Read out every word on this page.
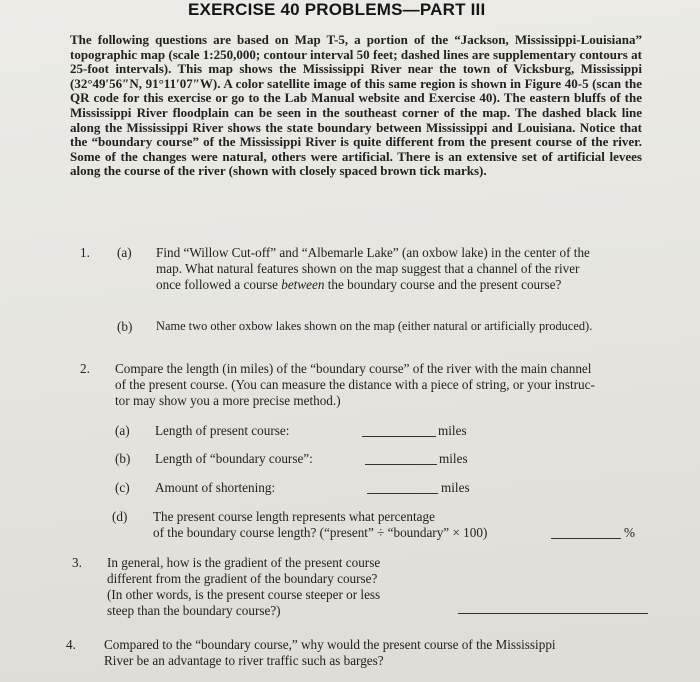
EXERCISE 40 PROBLEMS—PART III

The following questions are based on Map T-5, a portion of the “Jackson, Mississippi-Louisiana” topographic map (scale 1:250,000; contour interval 50 feet; dashed lines are supplementary contours at 25-foot intervals). This map shows the Mississippi River near the town of Vicksburg, Mississippi (32°49′56″N, 91°11′07″W). A color satellite image of this same region is shown in Figure 40-5 (scan the QR code for this exercise or go to the Lab Manual website and Exercise 40). The eastern bluffs of the Mississippi River floodplain can be seen in the southeast corner of the map. The dashed black line along the Mississippi River shows the state boundary between Mississippi and Louisiana. Notice that the “boundary course” of the Mississippi River is quite different from the present course of the river. Some of the changes were natural, others were artificial. There is an extensive set of artificial levees along the course of the river (shown with closely spaced brown tick marks).

1. (a) Find “Willow Cut-off” and “Albemarle Lake” (an oxbow lake) in the center of the
map. What natural features shown on the map suggest that a channel of the river
once followed a course between the boundary course and the present course?
(b) Name two other oxbow lakes shown on the map (either natural or artificially produced).
2. Compare the length (in miles) of the “boundary course” of the river with the main channel
of the present course. (You can measure the distance with a piece of string, or your instruc-
tor may show you a more precise method.)
(a) Length of present course:	miles
(b) Length of “boundary course”:	miles
(c) Amount of shortening:	miles
(d) The present course length represents what percentage
of the boundary course length? (“present” ÷ “boundary” × 100)	%
3. In general, how is the gradient of the present course
different from the gradient of the boundary course?
(In other words, is the present course steeper or less
steep than the boundary course?)
4. Compared to the “boundary course,” why would the present course of the Mississippi
River be an advantage to river traffic such as barges?
